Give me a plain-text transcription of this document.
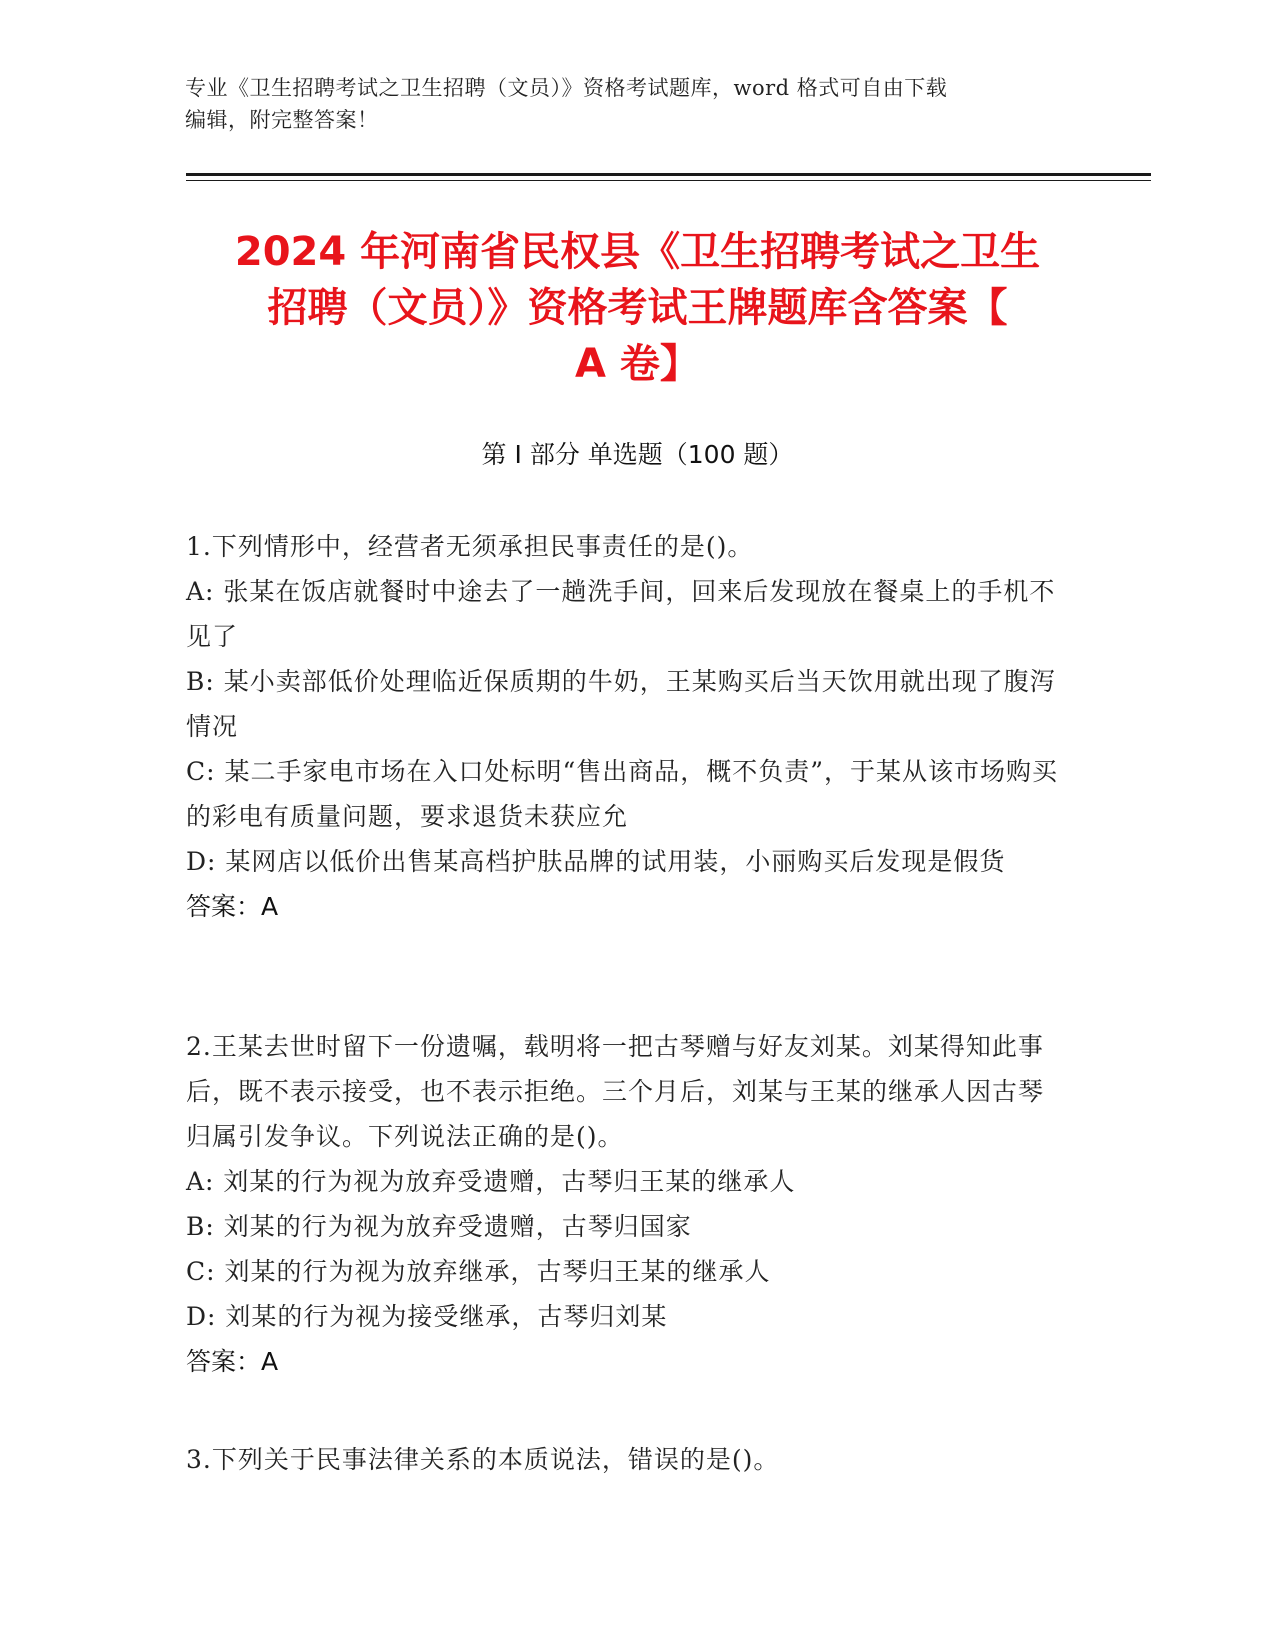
专业《卫生招聘考试之卫生招聘（文员）》资格考试题库，word 格式可自由下载
编辑，附完整答案！
2024 年河南省民权县《卫生招聘考试之卫生
招聘（文员）》资格考试王牌题库含答案【
A 卷】
第 I 部分 单选题（100 题）

1.下列情形中，经营者无须承担民事责任的是()。

A: 张某在饭店就餐时中途去了一趟洗手间，回来后发现放在餐桌上的手机不见了

B: 某小卖部低价处理临近保质期的牛奶，王某购买后当天饮用就出现了腹泻情况

C: 某二手家电市场在入口处标明“售出商品，概不负责”，于某从该市场购买的彩电有质量问题，要求退货未获应允

D: 某网店以低价出售某高档护肤品牌的试用装，小丽购买后发现是假货

答案：A

2.王某去世时留下一份遗嘱，载明将一把古琴赠与好友刘某。刘某得知此事后，既不表示接受，也不表示拒绝。三个月后，刘某与王某的继承人因古琴归属引发争议。下列说法正确的是()。

A: 刘某的行为视为放弃受遗赠，古琴归王某的继承人

B: 刘某的行为视为放弃受遗赠，古琴归国家

C: 刘某的行为视为放弃继承，古琴归王某的继承人

D: 刘某的行为视为接受继承，古琴归刘某

答案：A

3.下列关于民事法律关系的本质说法，错误的是()。
